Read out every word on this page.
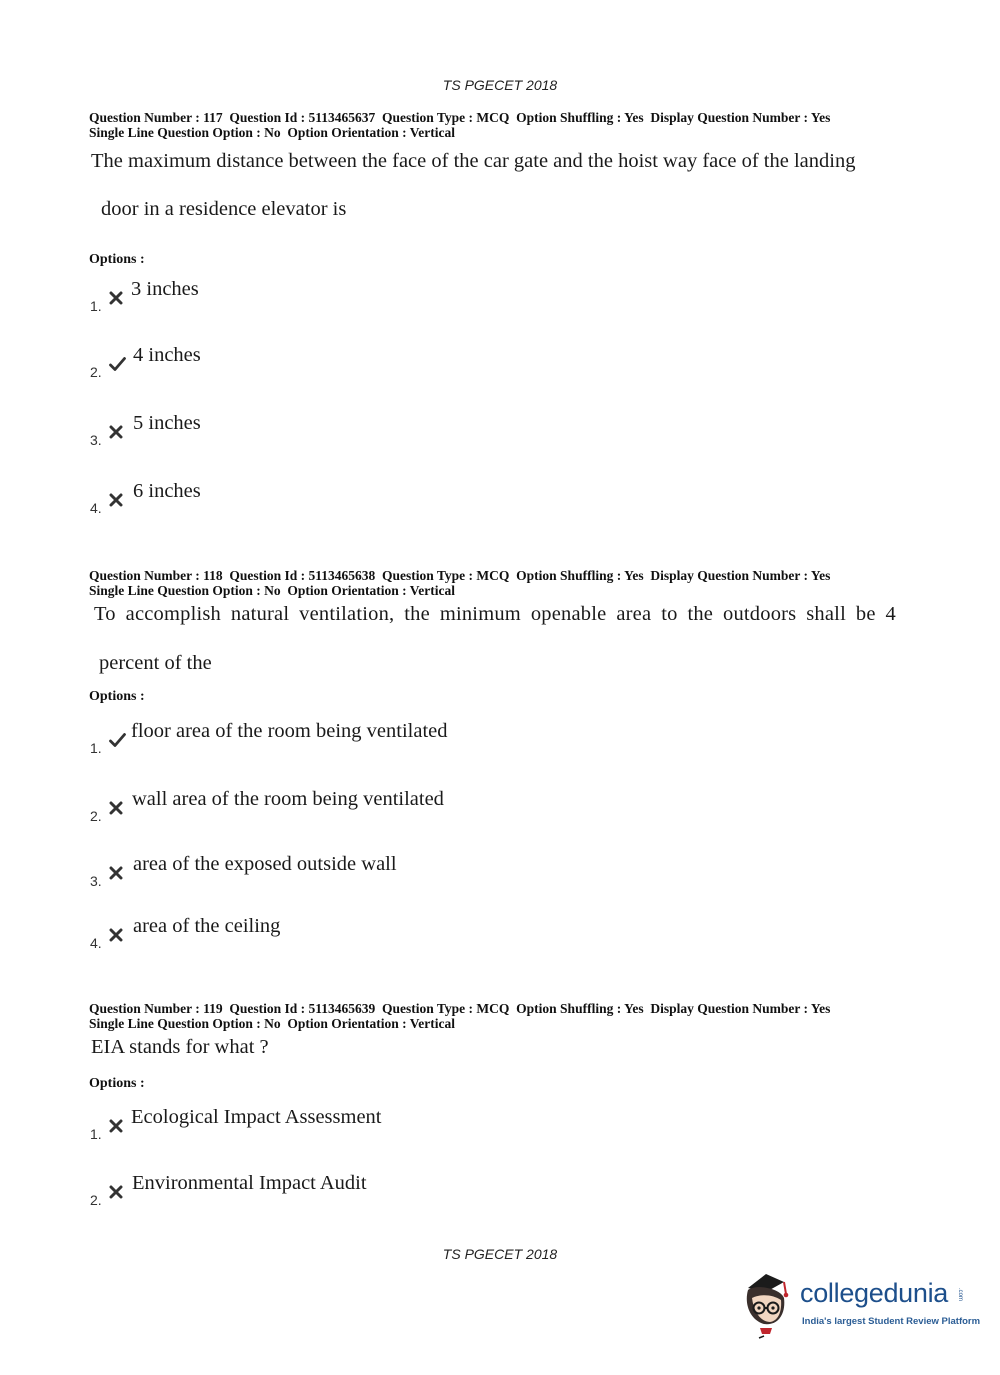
TS PGECET 2018
Question Number : 117  Question Id : 5113465637  Question Type : MCQ  Option Shuffling : Yes  Display Question Number : Yes
Single Line Question Option : No  Option Orientation : Vertical
The maximum distance between the face of the car gate and the hoist way face of the landing
door in a residence elevator is
Options :
1.
3 inches
2.
4 inches
3.
5 inches
4.
6 inches
Question Number : 118  Question Id : 5113465638  Question Type : MCQ  Option Shuffling : Yes  Display Question Number : Yes
Single Line Question Option : No  Option Orientation : Vertical
To accomplish natural ventilation, the minimum openable area to the outdoors shall be 4
percent of the
Options :
1.
floor area of the room being ventilated
2.
wall area of the room being ventilated
3.
area of the exposed outside wall
4.
area of the ceiling
Question Number : 119  Question Id : 5113465639  Question Type : MCQ  Option Shuffling : Yes  Display Question Number : Yes
Single Line Question Option : No  Option Orientation : Vertical
EIA stands for what ?
Options :
1.
Ecological Impact Assessment
2.
Environmental Impact Audit
TS PGECET 2018
collegedunia .com
India's largest Student Review Platform
